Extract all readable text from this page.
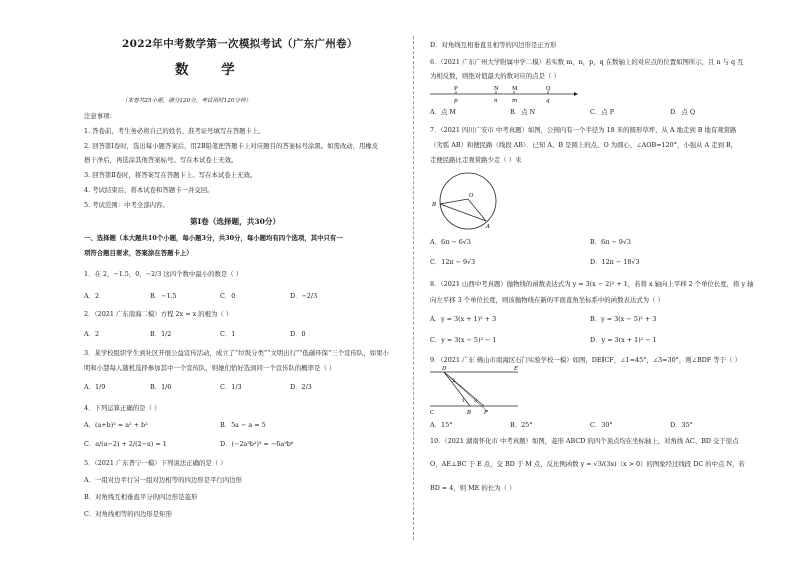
2022年中考数学第一次模拟考试（广东广州卷）
数 学
（本卷共25小题，满分120分，考试用时120分钟）
注意事项：
1. 答卷前，考生务必将自己的姓名、准考证号填写在答题卡上。
2. 回答第Ⅰ卷时，选出每小题答案后，用2B铅笔把答题卡上对应题目的答案标号涂黑。如需改动，用橡皮
擦干净后，再选涂其他答案标号。写在本试卷上无效。
3. 回答第Ⅱ卷时，将答案写在答题卡上。写在本试卷上无效。
4. 考试结束后，将本试卷和答题卡一并交回。
5. 考试范围：中考全部内容。
第Ⅰ卷（选择题，共30分）
一、选择题（本大题共10个小题，每小题3分，共30分，每小题均有四个选项，其中只有一
项符合题目要求，答案涂在答题卡上）
1．在 2，−1.5，0，−2/3 这四个数中最小的数是（ ）
A．2	B．−1.5	C．0	D．−2/3
2．（2021 广东南海二模）方程 2x = x 的根为（ ）
A．2	B．1/2	C．1	D．0
3．某学校组织学生到社区开展公益宣传活动，成立了“垃圾分类”“文明出行”“低碳环保”三个宣传队，如果小
明和小慧每人随机选择参加其中一个宣传队，则她们恰好选到同一个宣传队的概率是（ ）
A．1/9	B．1/6	C．1/3	D．2/3
4．下列运算正确的是（ ）
A．(a+b)² = a² + b²	B．5a − a = 5
C．a/(a−2) + 2/(2−a) = 1	D．(−2a³b²)³ = −6a⁹b⁶
5．（2021 广东普宁一模）下列说法正确的是（ ）
A．一组对边平行另一组对边相等的四边形是平行四边形
B．对角线互相垂直平分的四边形是菱形
C．对角线相等的四边形是矩形
D．对角线互相垂直且相等的四边形是正方形
6．（2021 广东广州大学附属中学二模）若实数 m，n，p，q 在数轴上的对应点的位置如图所示，且 n 与 q 互
为相反数，则绝对值最大的数对应的点是（ ）
P	N M	Q
p	n	m	q
A．点 M	B．点 N	C．点 P	D．点 Q
7．（2021 四川广安市 中考真题）如图，公园内有一个半径为 18 米的圆形草坪，从 A 地走到 B 地有观赏路
（劣弧 AB）和便民路（线段 AB）．已知 A、B 是圆上的点，O 为圆心，∠AOB=120°，小强从 A 走到 B，
走便民路比走观赏路少走（ ）米
O
B
A
A．6π − 6√3	B．6π − 9√3
C．12π − 9√3	D．12π − 18√3
8．（2021 山西中考真题）抛物线的函数表达式为 y = 3(x − 2)² + 1，若将 x 轴向上平移 2 个单位长度，将 y 轴
向左平移 3 个单位长度，则该抛物线在新的平面直角坐标系中的函数表达式为（ ）
A．y = 3(x + 1)² + 3	B．y = 3(x − 5)² + 3
C．y = 3(x − 5)² − 1	D．y = 3(x + 1)² − 1
9．（2021 广东 佛山市南海区石门实验学校一模）如图，DE∥CF，∠1=45°，∠3=30°，则∠BDF 等于（ ）
D	E
C	B F
1
2
3
A．15°	B．25°	C．30°	D．35°
10．（2021 湖南怀化市 中考真题）如图，菱形 ABCD 的四个顶点均在坐标轴上，对角线 AC、BD 交于原点
O，AE⊥BC 于 E 点，交 BD 于 M 点，反比例函数 y = √3/(3x)（x > 0）的图象经过线段 DC 的中点 N，若
BD = 4，则 ME 的长为（ ）
